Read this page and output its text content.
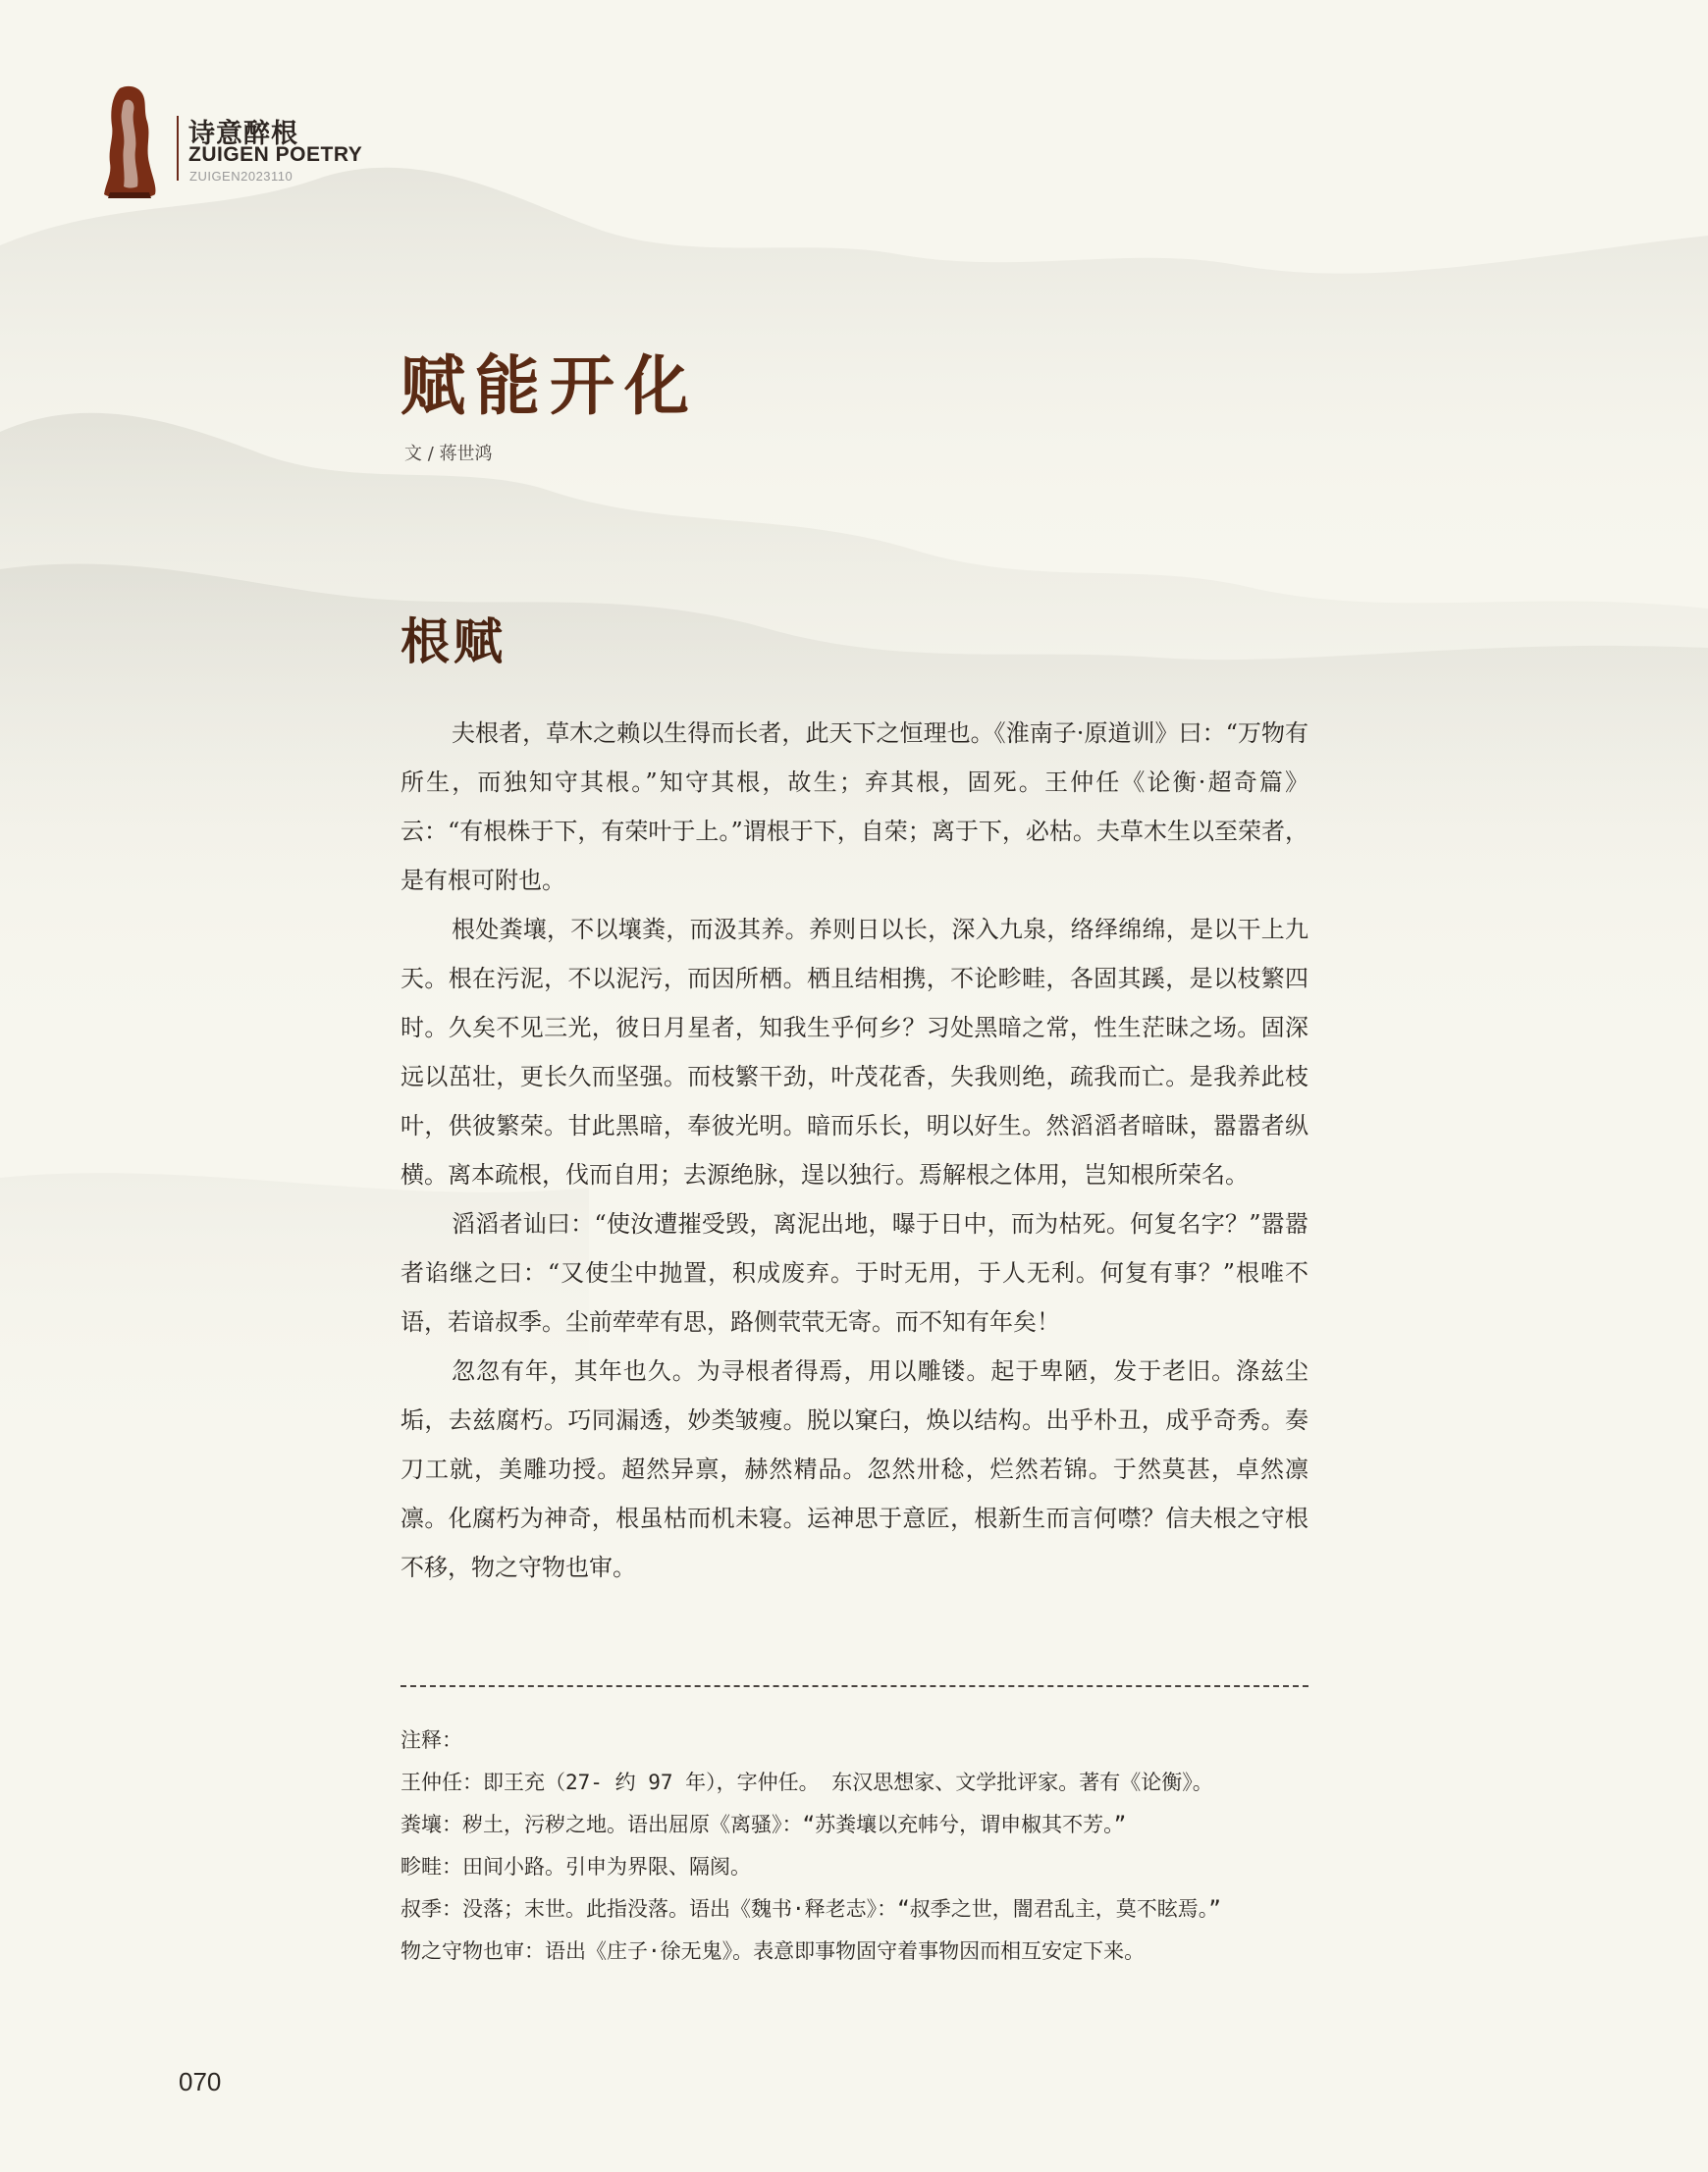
诗意醉根
ZUIGEN POETRY
ZUIGEN2023110
赋能开化
文 / 蒋世鸿
根赋

夫根者，草木之赖以生得而长者，此天下之恒理也。《淮南子·原道训》曰：“万物有所生，而独知守其根。”知守其根，故生；弃其根，固死。王仲任《论衡·超奇篇》云：“有根株于下，有荣叶于上。”谓根于下，自荣；离于下，必枯。夫草木生以至荣者，是有根可附也。

根处粪壤，不以壤粪，而汲其养。养则日以长，深入九泉，络绎绵绵，是以干上九天。根在污泥，不以泥污，而因所栖。栖且结相携，不论畛畦，各固其蹊，是以枝繁四时。久矣不见三光，彼日月星者，知我生乎何乡？习处黑暗之常，性生茫昧之场。固深远以茁壮，更长久而坚强。而枝繁干劲，叶茂花香，失我则绝，疏我而亡。是我养此枝叶，供彼繁荣。甘此黑暗，奉彼光明。暗而乐长，明以好生。然滔滔者暗昧，嚣嚣者纵横。离本疏根，伐而自用；去源绝脉，逞以独行。焉解根之体用，岂知根所荣名。

滔滔者讪曰：“使汝遭摧受毁，离泥出地，曝于日中，而为枯死。何复名字？”嚣嚣者谄继之曰：“又使尘中抛置，积成废弃。于时无用，于人无利。何复有事？”根唯不语，若谙叔季。尘前荦荦有思，路侧茕茕无寄。而不知有年矣！

忽忽有年，其年也久。为寻根者得焉，用以雕镂。起于卑陋，发于老旧。涤兹尘垢，去兹腐朽。巧同漏透，妙类皱瘦。脱以窠臼，焕以结构。出乎朴丑，成乎奇秀。奏刀工就，美雕功授。超然异禀，赫然精品。忽然卅稔，烂然若锦。于然莫甚，卓然凛凛。化腐朽为神奇，根虽枯而机未寝。运神思于意匠，根新生而言何噤？信夫根之守根不移，物之守物也审。

注释：

王仲任：即王充（27- 约 97 年），字仲任。 东汉思想家、文学批评家。著有《论衡》。

粪壤：秽土，污秽之地。语出屈原《离骚》：“苏粪壤以充帏兮，谓申椒其不芳。”

畛畦：田间小路。引申为界限、隔阂。

叔季：没落；末世。此指没落。语出《魏书·释老志》：“叔季之世，闇君乱主，莫不眩焉。”

物之守物也审：语出《庄子·徐无鬼》。表意即事物固守着事物因而相互安定下来。

070
